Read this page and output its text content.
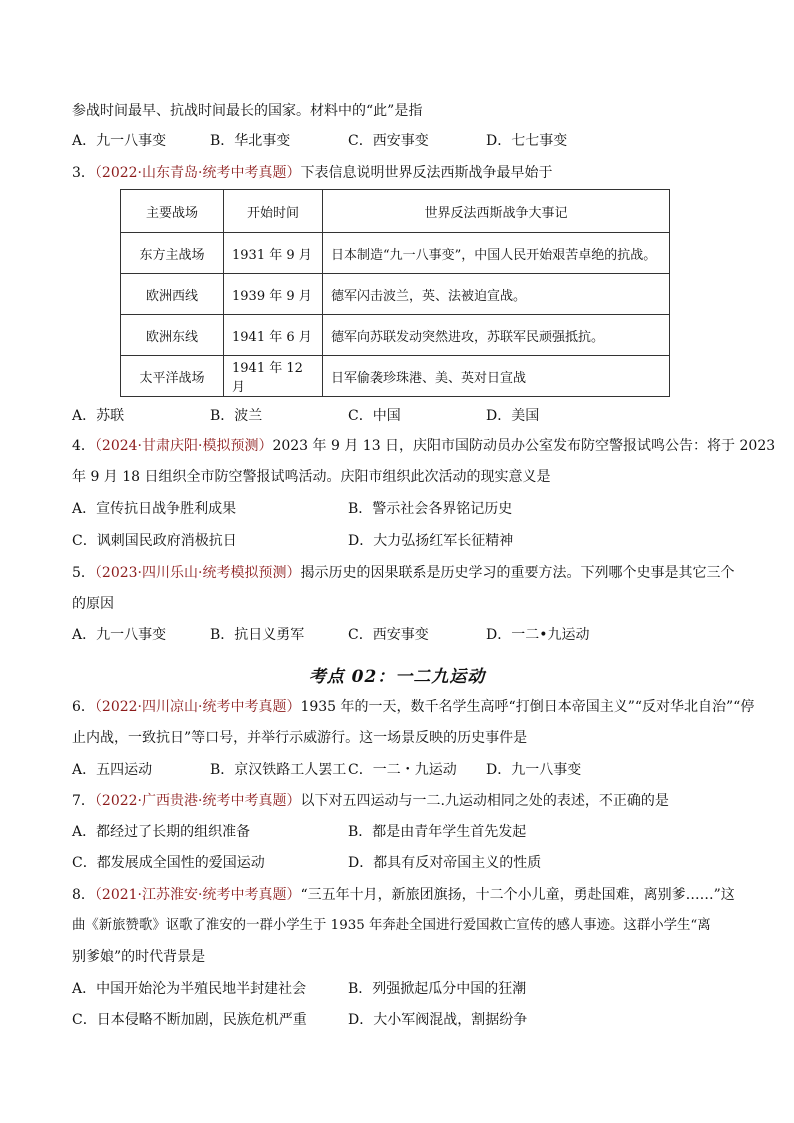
参战时间最早、抗战时间最长的国家。材料中的“此”是指
A．九一八事变	B．华北事变	C．西安事变	D．七七事变
3．（2022·山东青岛·统考中考真题）下表信息说明世界反法西斯战争最早始于
主要战场	开始时间	世界反法西斯战争大事记
东方主战场	1931 年 9 月	日本制造“九一八事变”，中国人民开始艰苦卓绝的抗战。
欧洲西线	1939 年 9 月	德军闪击波兰，英、法被迫宣战。
欧洲东线	1941 年 6 月	德军向苏联发动突然进攻，苏联军民顽强抵抗。
太平洋战场	1941 年 12 月	日军偷袭珍珠港、美、英对日宣战
A．苏联	B．波兰	C．中国	D．美国
4．（2024·甘肃庆阳·模拟预测）2023 年 9 月 13 日，庆阳市国防动员办公室发布防空警报试鸣公告：将于 2023
年 9 月 18 日组织全市防空警报试鸣活动。庆阳市组织此次活动的现实意义是
A．宣传抗日战争胜利成果	B．警示社会各界铭记历史
C．讽刺国民政府消极抗日	D．大力弘扬红军长征精神
5．（2023·四川乐山·统考模拟预测）揭示历史的因果联系是历史学习的重要方法。下列哪个史事是其它三个
的原因
A．九一八事变	B．抗日义勇军	C．西安事变	D．一二•九运动
考点 02：一二九运动
6．（2022·四川凉山·统考中考真题）1935 年的一天，数千名学生高呼“打倒日本帝国主义”“反对华北自治”“停
止内战，一致抗日”等口号，并举行示威游行。这一场景反映的历史事件是
A．五四运动	B．京汉铁路工人罢工 C．一二・九运动 D．九一八事变
7．（2022·广西贵港·统考中考真题）以下对五四运动与一二.九运动相同之处的表述，不正确的是
A．都经过了长期的组织准备	B．都是由青年学生首先发起
C．都发展成全国性的爱国运动	D．都具有反对帝国主义的性质
8．（2021·江苏淮安·统考中考真题）“三五年十月，新旅团旗扬，十二个小儿童，勇赴国难，离别爹……”这
曲《新旅赞歌》讴歌了淮安的一群小学生于 1935 年奔赴全国进行爱国救亡宣传的感人事迹。这群小学生“离
别爹娘”的时代背景是
A．中国开始沦为半殖民地半封建社会	B．列强掀起瓜分中国的狂潮
C．日本侵略不断加剧，民族危机严重	D．大小军阀混战，割据纷争
